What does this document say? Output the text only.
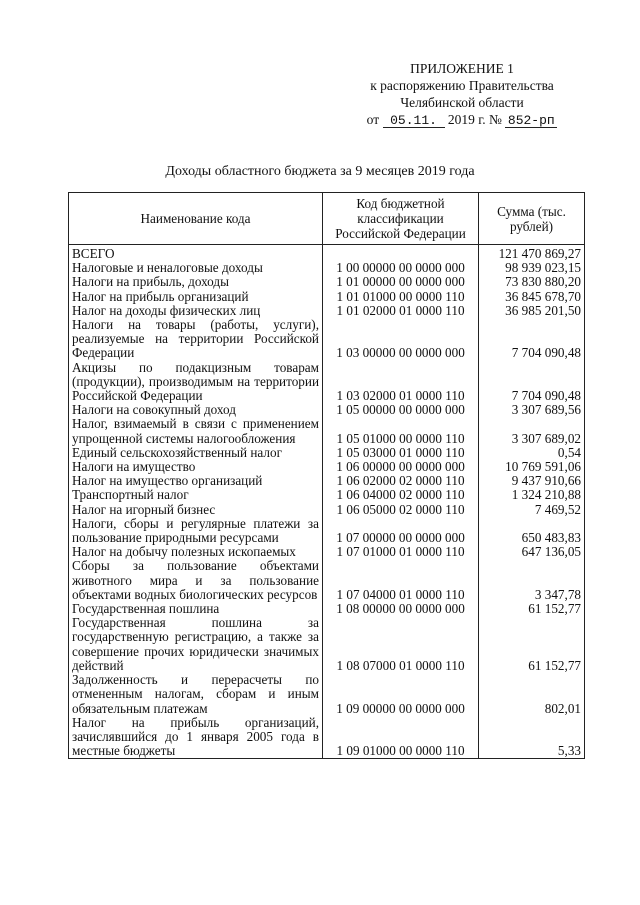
ПРИЛОЖЕНИЕ 1
к распоряжению Правительства
Челябинской области
от 05.11. 2019 г. № 852-рп
Доходы областного бюджета за 9 месяцев 2019 года
Наименование кода	Код бюджетной классификации Российской Федерации	Сумма (тыс. рублей)
ВСЕГО		121 470 869,27
Налоговые и неналоговые доходы	1 00 00000 00 0000 000	98 939 023,15
Налоги на прибыль, доходы	1 01 00000 00 0000 000	73 830 880,20
Налог на прибыль организаций	1 01 01000 00 0000 110	36 845 678,70
Налог на доходы физических лиц	1 01 02000 01 0000 110	36 985 201,50
Налоги на товары (работы, услуги), реализуемые на территории Российской Федерации	1 03 00000 00 0000 000	7 704 090,48
Акцизы по подакцизным товарам (продукции), производимым на территории Российской Федерации	1 03 02000 01 0000 110	7 704 090,48
Налоги на совокупный доход	1 05 00000 00 0000 000	3 307 689,56
Налог, взимаемый в связи с применением упрощенной системы налогообложения	1 05 01000 00 0000 110	3 307 689,02
Единый сельскохозяйственный налог	1 05 03000 01 0000 110	0,54
Налоги на имущество	1 06 00000 00 0000 000	10 769 591,06
Налог на имущество организаций	1 06 02000 02 0000 110	9 437 910,66
Транспортный налог	1 06 04000 02 0000 110	1 324 210,88
Налог на игорный бизнес	1 06 05000 02 0000 110	7 469,52
Налоги, сборы и регулярные платежи за пользование природными ресурсами	1 07 00000 00 0000 000	650 483,83
Налог на добычу полезных ископаемых	1 07 01000 01 0000 110	647 136,05
Сборы за пользование объектами животного мира и за пользование объектами водных биологических ресурсов	1 07 04000 01 0000 110	3 347,78
Государственная пошлина	1 08 00000 00 0000 000	61 152,77
Государственная пошлина за государственную регистрацию, а также за совершение прочих юридически значимых действий	1 08 07000 01 0000 110	61 152,77
Задолженность и перерасчеты по отмененным налогам, сборам и иным обязательным платежам	1 09 00000 00 0000 000	802,01
Налог на прибыль организаций, зачислявшийся до 1 января 2005 года в местные бюджеты	1 09 01000 00 0000 110	5,33
